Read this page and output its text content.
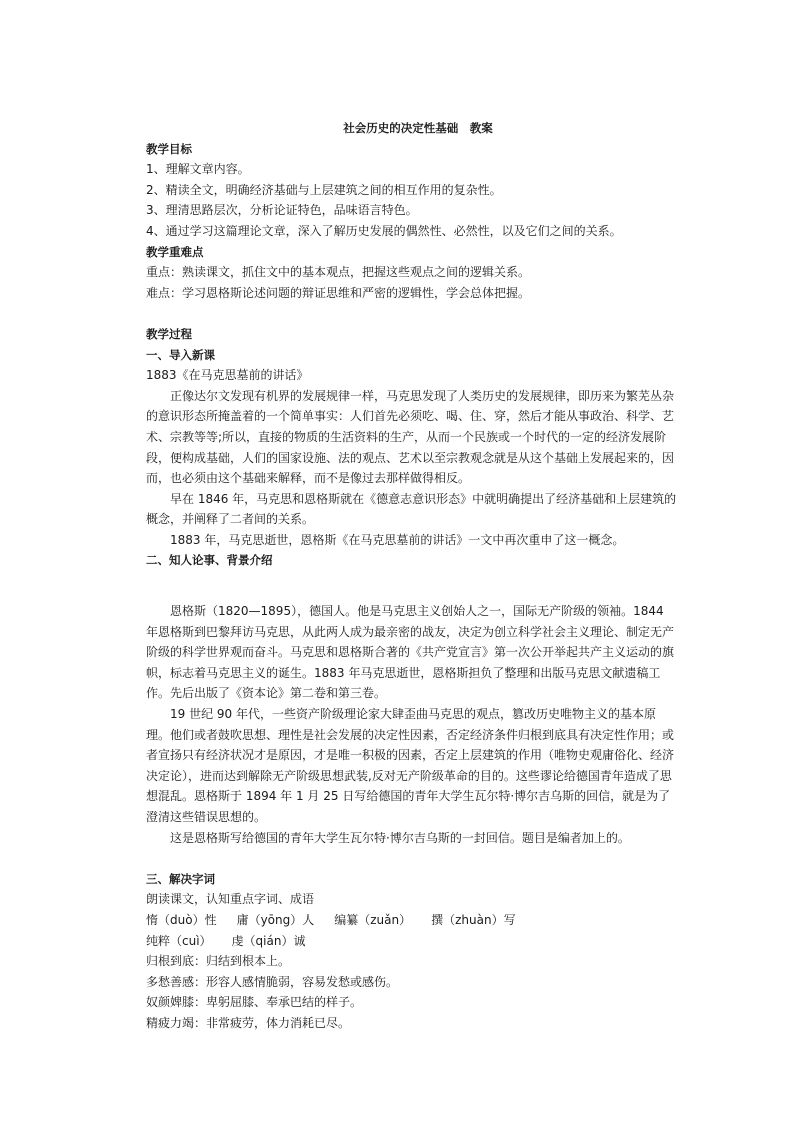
社会历史的决定性基础　教案
教学目标

1、理解文章内容。

2、精读全文，明确经济基础与上层建筑之间的相互作用的复杂性。

3、理清思路层次，分析论证特色，品味语言特色。

4、通过学习这篇理论文章，深入了解历史发展的偶然性、必然性，以及它们之间的关系。

教学重难点

重点：熟读课文，抓住文中的基本观点，把握这些观点之间的逻辑关系。

难点：学习恩格斯论述问题的辩证思维和严密的逻辑性，学会总体把握。

教学过程
一、导入新课

1883《在马克思墓前的讲话》

正像达尔文发现有机界的发展规律一样，马克思发现了人类历史的发展规律，即历来为繁芜丛杂的意识形态所掩盖着的一个简单事实：人们首先必须吃、喝、住、穿，然后才能从事政治、科学、艺术、宗教等等;所以，直接的物质的生活资料的生产，从而一个民族或一个时代的一定的经济发展阶段，便构成基础，人们的国家设施、法的观点、艺术以至宗教观念就是从这个基础上发展起来的，因而，也必须由这个基础来解释，而不是像过去那样做得相反。

早在 1846 年，马克思和恩格斯就在《德意志意识形态》中就明确提出了经济基础和上层建筑的概念，并阐释了二者间的关系。

1883 年，马克思逝世，恩格斯《在马克思墓前的讲话》一文中再次重申了这一概念。

二、知人论事、背景介绍

恩格斯（1820—1895），德国人。他是马克思主义创始人之一，国际无产阶级的领袖。1844 年恩格斯到巴黎拜访马克思，从此两人成为最亲密的战友，决定为创立科学社会主义理论、制定无产阶级的科学世界观而奋斗。马克思和恩格斯合著的《共产党宣言》第一次公开举起共产主义运动的旗帜，标志着马克思主义的诞生。1883 年马克思逝世，恩格斯担负了整理和出版马克思文献遗稿工作。先后出版了《资本论》第二卷和第三卷。

19 世纪 90 年代，一些资产阶级理论家大肆歪曲马克思的观点，篡改历史唯物主义的基本原理。他们或者鼓吹思想、理性是社会发展的决定性因素，否定经济条件归根到底具有决定性作用；或者宣扬只有经济状况才是原因，才是唯一积极的因素，否定上层建筑的作用（唯物史观庸俗化、经济决定论），进而达到解除无产阶级思想武装,反对无产阶级革命的目的。这些谬论给德国青年造成了思想混乱。恩格斯于 1894 年 1 月 25 日写给德国的青年大学生瓦尔特·博尔吉乌斯的回信，就是为了澄清这些错误思想的。

这是恩格斯写给德国的青年大学生瓦尔特·博尔吉乌斯的一封回信。题目是编者加上的。

三、解决字词

朗读课文，认知重点字词、成语

惰（duò）性 庸（yōng）人 编纂（zuǎn） 撰（zhuàn）写
纯粹（cuì） 虔（qián）诚

归根到底：归结到根本上。

多愁善感：形容人感情脆弱，容易发愁或感伤。

奴颜婢膝：卑躬屈膝、奉承巴结的样子。

精疲力竭：非常疲劳，体力消耗已尽。
